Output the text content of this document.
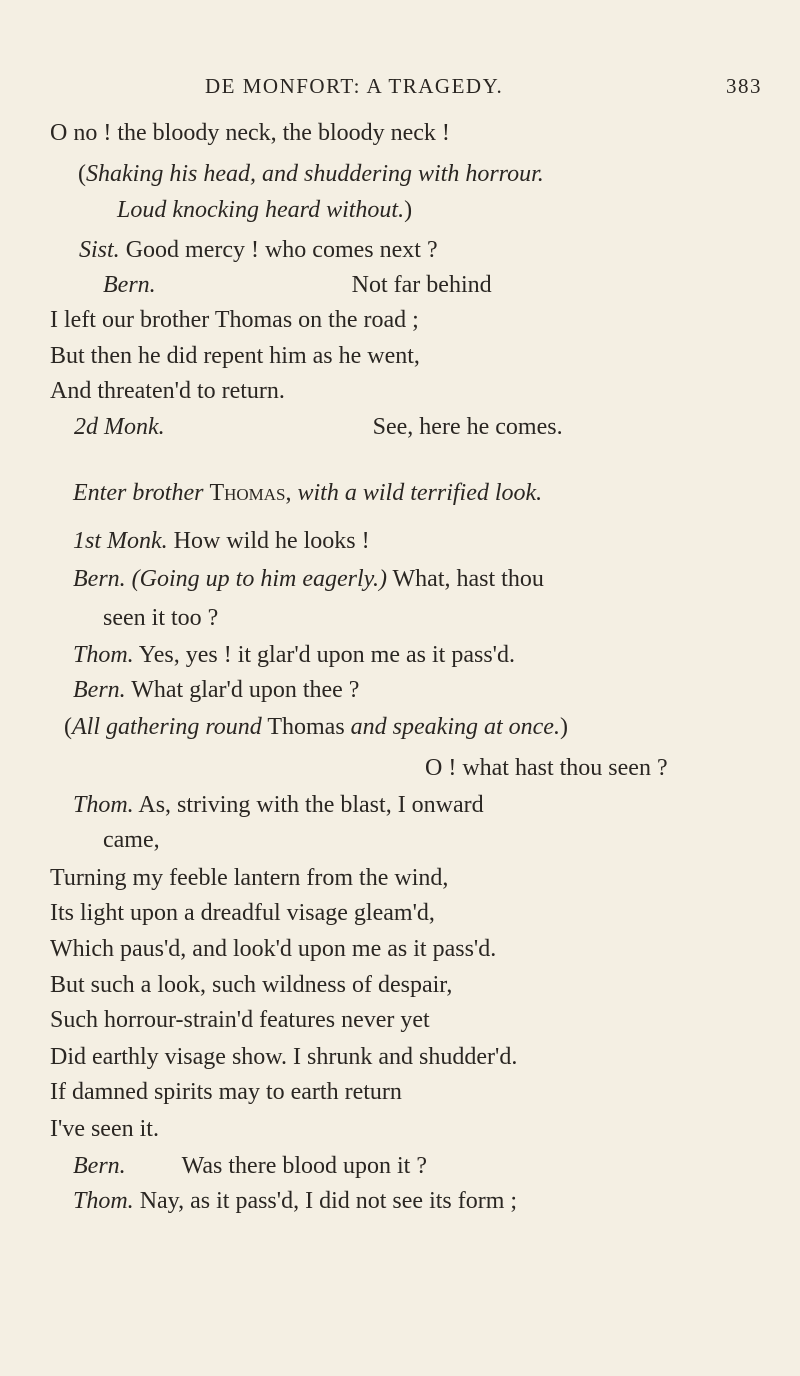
DE MONFORT: A TRAGEDY.	383
O no ! the bloody neck, the bloody neck !
(Shaking his head, and shuddering with horrour.
Loud knocking heard without.)
Sist. Good mercy ! who comes next ?
Bern.	Not far behind
I left our brother Thomas on the road ;
But then he did repent him as he went,
And threaten'd to return.
2d Monk.	See, here he comes.
Enter brother Thomas, with a wild terrified look.
1st Monk. How wild he looks !
Bern. (Going up to him eagerly.) What, hast thou
seen it too ?
Thom. Yes, yes ! it glar'd upon me as it pass'd.
Bern. What glar'd upon thee ?
(All gathering round Thomas and speaking at once.)
O ! what hast thou seen ?
Thom. As, striving with the blast, I onward
came,
Turning my feeble lantern from the wind,
Its light upon a dreadful visage gleam'd,
Which paus'd, and look'd upon me as it pass'd.
But such a look, such wildness of despair,
Such horrour-strain'd features never yet
Did earthly visage show. I shrunk and shudder'd.
If damned spirits may to earth return
I've seen it.
Bern. Was there blood upon it ?
Thom. Nay, as it pass'd, I did not see its form ;
